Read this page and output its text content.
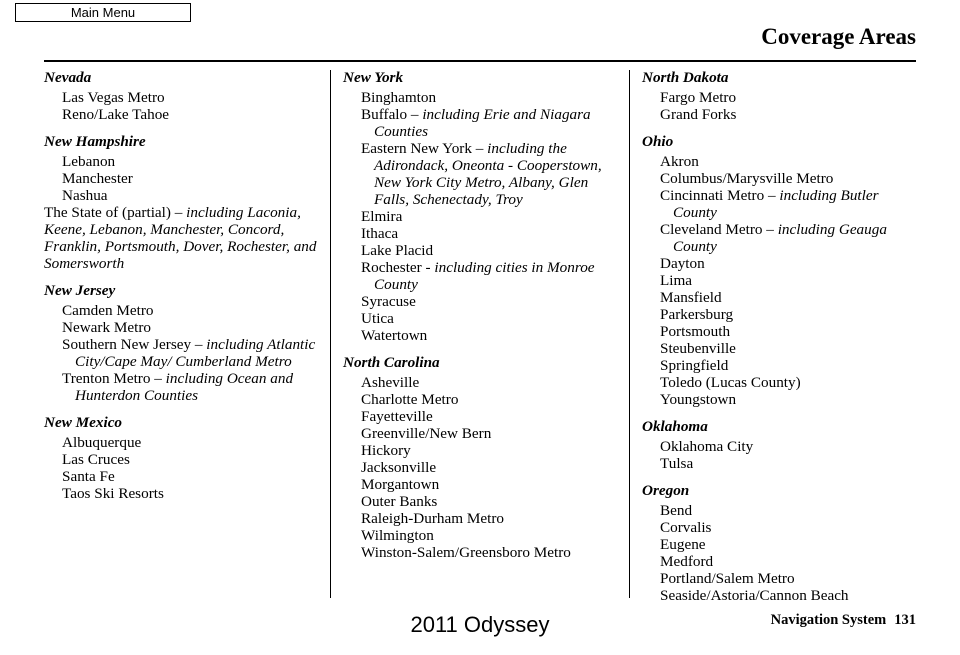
Main Menu
Coverage Areas
Nevada
Las Vegas Metro
Reno/Lake Tahoe
New Hampshire
Lebanon
Manchester
Nashua
The State of (partial) – including Laconia, Keene, Lebanon, Manchester, Concord, Franklin, Portsmouth, Dover, Rochester, and Somersworth
New Jersey
Camden Metro
Newark Metro
Southern New Jersey – including Atlantic City/Cape May/ Cumberland Metro
Trenton Metro – including Ocean and Hunterdon Counties
New Mexico
Albuquerque
Las Cruces
Santa Fe
Taos Ski Resorts
New York
Binghamton
Buffalo – including Erie and Niagara Counties
Eastern New York – including the Adirondack, Oneonta - Cooperstown, New York City Metro, Albany, Glen Falls, Schenectady, Troy
Elmira
Ithaca
Lake Placid
Rochester - including cities in Monroe County
Syracuse
Utica
Watertown
North Carolina
Asheville
Charlotte Metro
Fayetteville
Greenville/New Bern
Hickory
Jacksonville
Morgantown
Outer Banks
Raleigh-Durham Metro
Wilmington
Winston-Salem/Greensboro Metro
North Dakota
Fargo Metro
Grand Forks
Ohio
Akron
Columbus/Marysville Metro
Cincinnati Metro – including Butler County
Cleveland Metro – including Geauga County
Dayton
Lima
Mansfield
Parkersburg
Portsmouth
Steubenville
Springfield
Toledo (Lucas County)
Youngstown
Oklahoma
Oklahoma City
Tulsa
Oregon
Bend
Corvalis
Eugene
Medford
Portland/Salem Metro
Seaside/Astoria/Cannon Beach
Navigation System 131
2011 Odyssey
